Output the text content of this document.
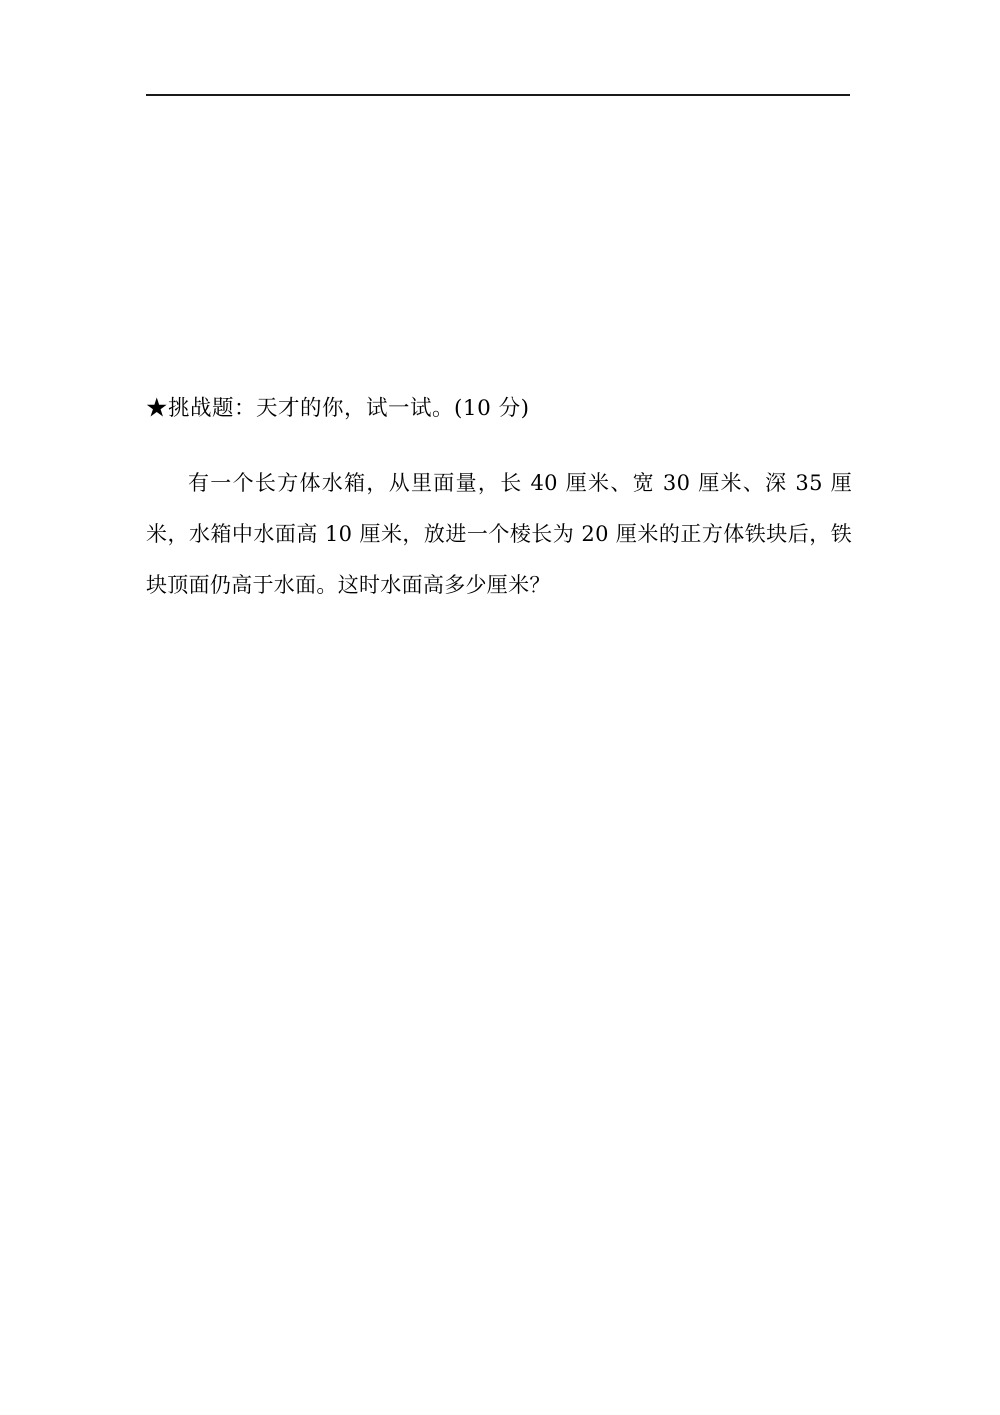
★挑战题：天才的你，试一试。(10 分)

有一个长方体水箱，从里面量，长 40 厘米、宽 30 厘米、深 35 厘米，水箱中水面高 10 厘米，放进一个棱长为 20 厘米的正方体铁块后，铁块顶面仍高于水面。这时水面高多少厘米？
